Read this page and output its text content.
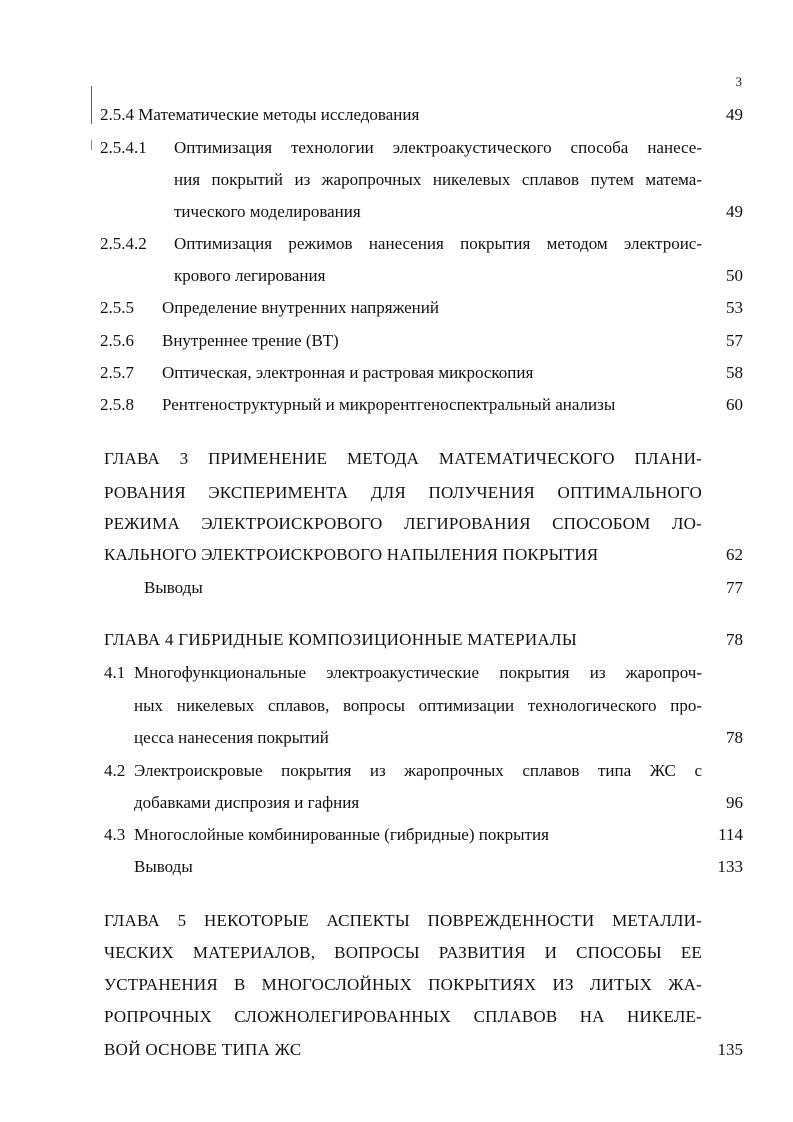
3
2.5.4 Математические методы исследования	49
2.5.4.1 Оптимизация технологии электроакустического способа нанесе-
ния покрытий из жаропрочных никелевых сплавов путем матема-
тического моделирования	49
2.5.4.2 Оптимизация режимов нанесения покрытия методом электроис-
крового легирования	50
2.5.5 Определение внутренних напряжений	53
2.5.6 Внутреннее трение (ВТ)	57
2.5.7 Оптическая, электронная и растровая микроскопия	58
2.5.8 Рентгеноструктурный и микрорентгеноспектральный анализы	60
ГЛАВА 3 ПРИМЕНЕНИЕ МЕТОДА МАТЕМАТИЧЕСКОГО ПЛАНИ-
РОВАНИЯ ЭКСПЕРИМЕНТА ДЛЯ ПОЛУЧЕНИЯ ОПТИМАЛЬНОГО
РЕЖИМА ЭЛЕКТРОИСКРОВОГО ЛЕГИРОВАНИЯ СПОСОБОМ ЛО-
КАЛЬНОГО ЭЛЕКТРОИСКРОВОГО НАПЫЛЕНИЯ ПОКРЫТИЯ	62
Выводы	77
ГЛАВА 4 ГИБРИДНЫЕ КОМПОЗИЦИОННЫЕ МАТЕРИАЛЫ	78
4.1 Многофункциональные электроакустические покрытия из жаропроч-
ных никелевых сплавов, вопросы оптимизации технологического про-
цесса нанесения покрытий	78
4.2 Электроискровые покрытия из жаропрочных сплавов типа ЖС с
добавками диспрозия и гафния	96
4.3 Многослойные комбинированные (гибридные) покрытия	114
Выводы	133
ГЛАВА 5 НЕКОТОРЫЕ АСПЕКТЫ ПОВРЕЖДЕННОСТИ МЕТАЛЛИ-
ЧЕСКИХ МАТЕРИАЛОВ, ВОПРОСЫ РАЗВИТИЯ И СПОСОБЫ ЕЕ
УСТРАНЕНИЯ В МНОГОСЛОЙНЫХ ПОКРЫТИЯХ ИЗ ЛИТЫХ ЖА-
РОПРОЧНЫХ СЛОЖНОЛЕГИРОВАННЫХ СПЛАВОВ НА НИКЕЛЕ-
ВОЙ ОСНОВЕ ТИПА ЖС	135
